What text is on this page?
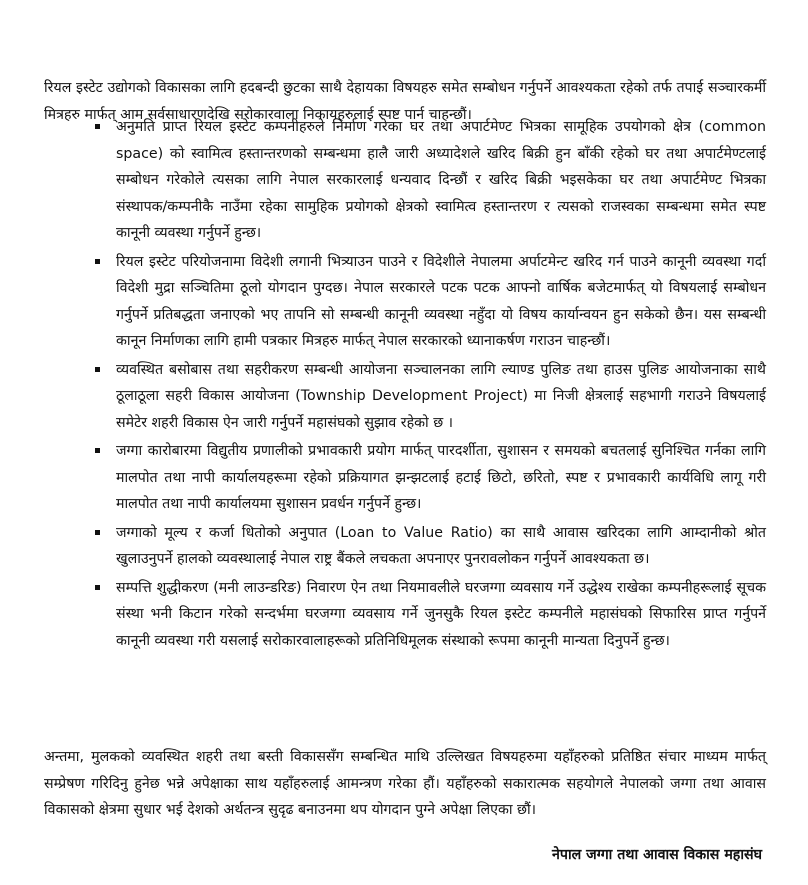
रियल इस्टेट उद्योगको विकासका लागि हदबन्दी छुटका साथै देहायका विषयहरु समेत सम्बोधन गर्नुपर्ने आवश्यकता रहेको तर्फ तपाई सञ्चारकर्मी मित्रहरु मार्फत् आम सर्वसाधारणदेखि सरोकारवाला निकायहरुलाई स्पष्ट पार्न चाहन्छौं।

अनुमति प्राप्त रियल इस्टेट कम्पनीहरुले निर्माण गरेका घर तथा अपार्टमेण्ट भित्रका सामूहिक उपयोगको क्षेत्र (common space) को स्वामित्व हस्तान्तरणको सम्बन्धमा हालै जारी अध्यादेशले खरिद बिक्री हुन बाँकी रहेको घर तथा अपार्टमेण्टलाई सम्बोधन गरेकोले त्यसका लागि नेपाल सरकारलाई धन्यवाद दिन्छौं र खरिद बिक्री भइसकेका घर तथा अपार्टमेण्ट भित्रका संस्थापक/कम्पनीकै नाउँमा रहेका सामुहिक प्रयोगको क्षेत्रको स्वामित्व हस्तान्तरण र त्यसको राजस्वका सम्बन्धमा समेत स्पष्ट कानूनी व्यवस्था गर्नुपर्ने हुन्छ।
रियल इस्टेट परियोजनामा विदेशी लगानी भित्र्याउन पाउने र विदेशीले नेपालमा अर्पाटमेन्ट खरिद गर्न पाउने कानूनी व्यवस्था गर्दा विदेशी मुद्रा सञ्चितिमा ठूलो योगदान पुग्दछ। नेपाल सरकारले पटक पटक आफ्नो वार्षिक बजेटमार्फत् यो विषयलाई सम्बोधन गर्नुपर्ने प्रतिबद्धता जनाएको भए तापनि सो सम्बन्धी कानूनी व्यवस्था नहुँदा यो विषय कार्यान्वयन हुन सकेको छैन। यस सम्बन्धी कानून निर्माणका लागि हामी पत्रकार मित्रहरु मार्फत् नेपाल सरकारको ध्यानाकर्षण गराउन चाहन्छौं।
व्यवस्थित बसोबास तथा सहरीकरण सम्बन्धी आयोजना सञ्चालनका लागि ल्याण्ड पुलिङ तथा हाउस पुलिङ आयोजनाका साथै ठूलाठूला सहरी विकास आयोजना (Township Development Project) मा निजी क्षेत्रलाई सहभागी गराउने विषयलाई समेटेर शहरी विकास ऐन जारी गर्नुपर्ने महासंघको सुझाव रहेको छ ।
जग्गा कारोबारमा विद्युतीय प्रणालीको प्रभावकारी प्रयोग मार्फत् पारदर्शीता, सुशासन र समयको बचतलाई सुनिश्चित गर्नका लागि मालपोत तथा नापी कार्यालयहरूमा रहेको प्रक्रियागत झन्झटलाई हटाई छिटो, छरितो, स्पष्ट र प्रभावकारी कार्यविधि लागू गरी मालपोत तथा नापी कार्यालयमा सुशासन प्रवर्धन गर्नुपर्ने हुन्छ।
जग्गाको मूल्य र कर्जा धितोको अनुपात (Loan to Value Ratio) का साथै आवास खरिदका लागि आम्दानीको श्रोत खुलाउनुपर्ने हालको व्यवस्थालाई नेपाल राष्ट्र बैंकले लचकता अपनाएर पुनरावलोकन गर्नुपर्ने आवश्यकता छ।
सम्पत्ति शुद्धीकरण (मनी लाउन्डरिङ) निवारण ऐन तथा नियमावलीले घरजग्गा व्यवसाय गर्ने उद्धेश्य राखेका कम्पनीहरूलाई सूचक संस्था भनी किटान गरेको सन्दर्भमा घरजग्गा व्यवसाय गर्ने जुनसुकै रियल इस्टेट कम्पनीले महासंघको सिफारिस प्राप्त गर्नुपर्ने कानूनी व्यवस्था गरी यसलाई सरोकारवालाहरूको प्रतिनिधिमूलक संस्थाको रूपमा कानूनी मान्यता दिनुपर्ने हुन्छ।

अन्तमा, मुलकको व्यवस्थित शहरी तथा बस्ती विकाससँग सम्बन्धित माथि उल्लिखत विषयहरुमा यहाँहरुको प्रतिष्ठित संचार माध्यम मार्फत् सम्प्रेषण गरिदिनु हुनेछ भन्ने अपेक्षाका साथ यहाँहरुलाई आमन्त्रण गरेका हौं। यहाँहरुको सकारात्मक सहयोगले नेपालको जग्गा तथा आवास विकासको क्षेत्रमा सुधार भई देशको अर्थतन्त्र सुदृढ बनाउनमा थप योगदान पुग्ने अपेक्षा लिएका छौं।

नेपाल जग्गा तथा आवास विकास महासंघ
